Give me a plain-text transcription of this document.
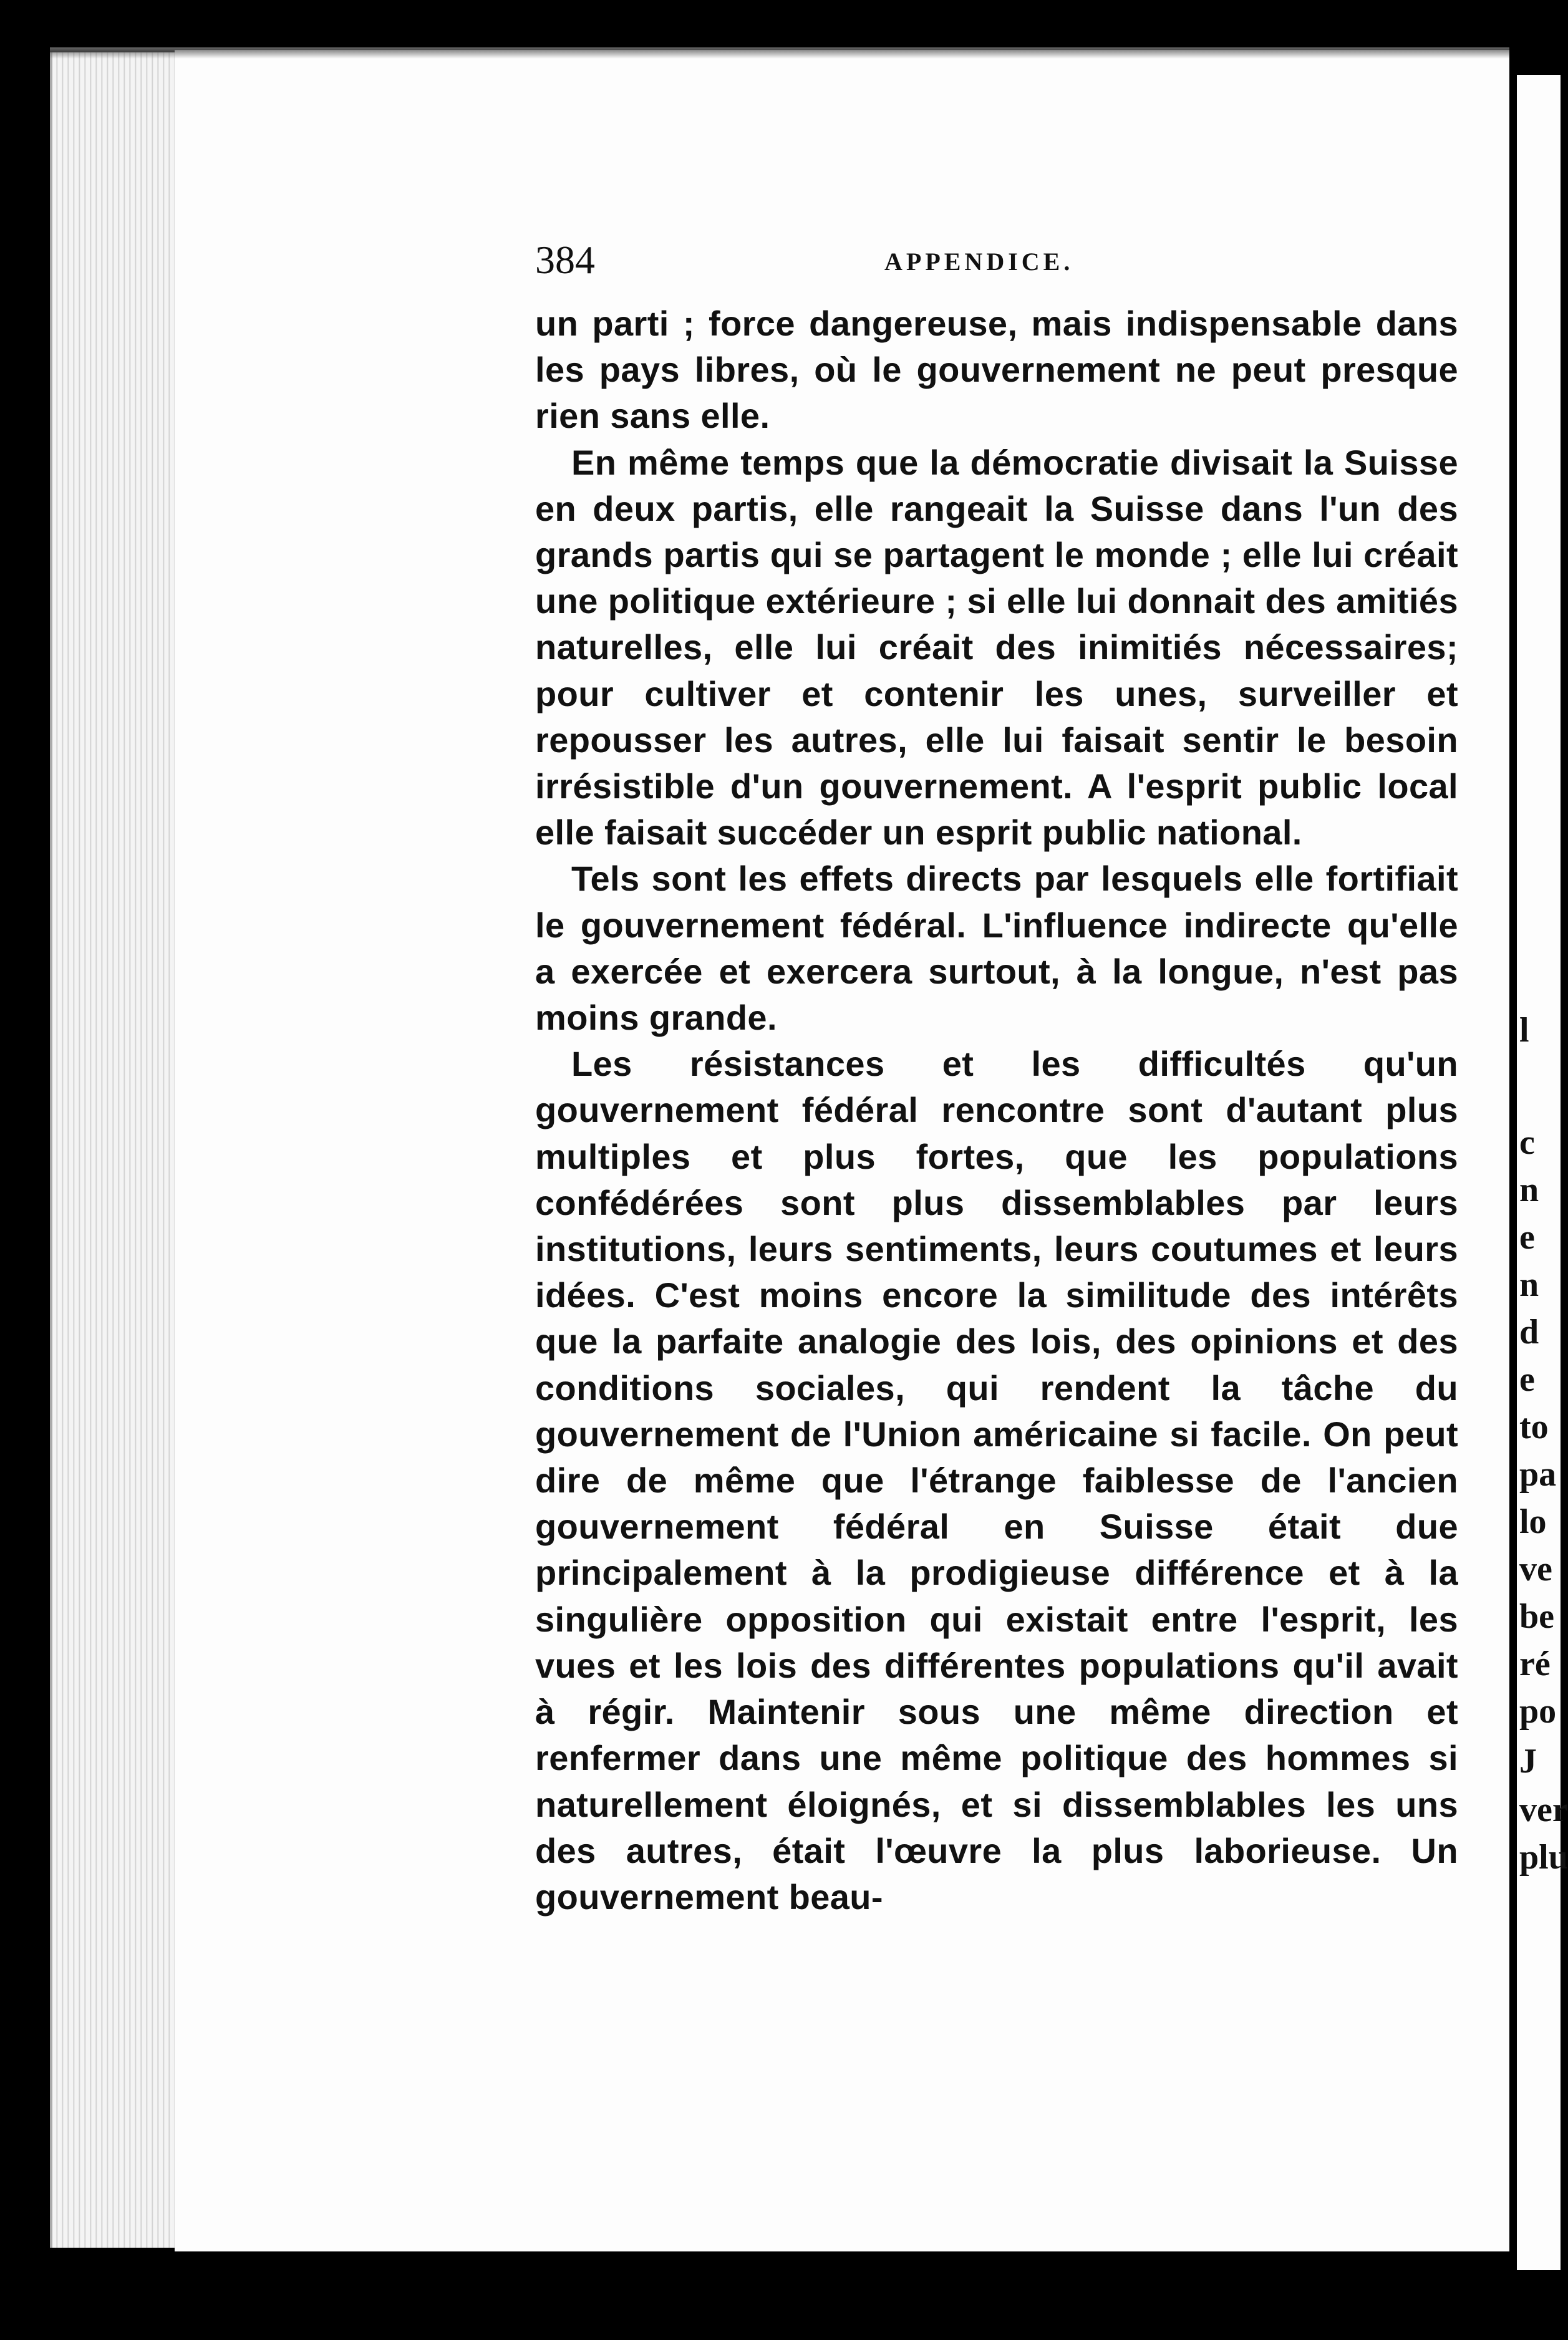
384	APPENDICE.

un parti ; force dangereuse, mais indispensable dans les pays libres, où le gouvernement ne peut presque rien sans elle.

En même temps que la démocratie divisait la Suisse en deux partis, elle rangeait la Suisse dans l'un des grands partis qui se partagent le monde ; elle lui créait une politique extérieure ; si elle lui donnait des amitiés naturelles, elle lui créait des inimitiés nécessaires; pour cultiver et contenir les unes, surveiller et repousser les autres, elle lui faisait sentir le besoin irrésistible d'un gouvernement. A l'esprit public local elle faisait succéder un esprit public national.

Tels sont les effets directs par lesquels elle fortifiait le gouvernement fédéral. L'influence indirecte qu'elle a exercée et exercera surtout, à la longue, n'est pas moins grande.

Les résistances et les difficultés qu'un gouvernement fédéral rencontre sont d'autant plus multiples et plus fortes, que les populations confédérées sont plus dissemblables par leurs institutions, leurs sentiments, leurs coutumes et leurs idées. C'est moins encore la similitude des intérêts que la parfaite analogie des lois, des opinions et des conditions sociales, qui rendent la tâche du gouvernement de l'Union américaine si facile. On peut dire de même que l'étrange faiblesse de l'ancien gouvernement fédéral en Suisse était due principalement à la prodigieuse différence et à la singulière opposition qui existait entre l'esprit, les vues et les lois des différentes populations qu'il avait à régir. Maintenir sous une même direction et renfermer dans une même politique des hommes si naturellement éloignés, et si dissemblables les uns des autres, était l'œuvre la plus laborieuse. Un gouvernement beau-

l
c
n
e
n
d
e
to
pa
lo
ve
be
ré
po
J
ver
plu
